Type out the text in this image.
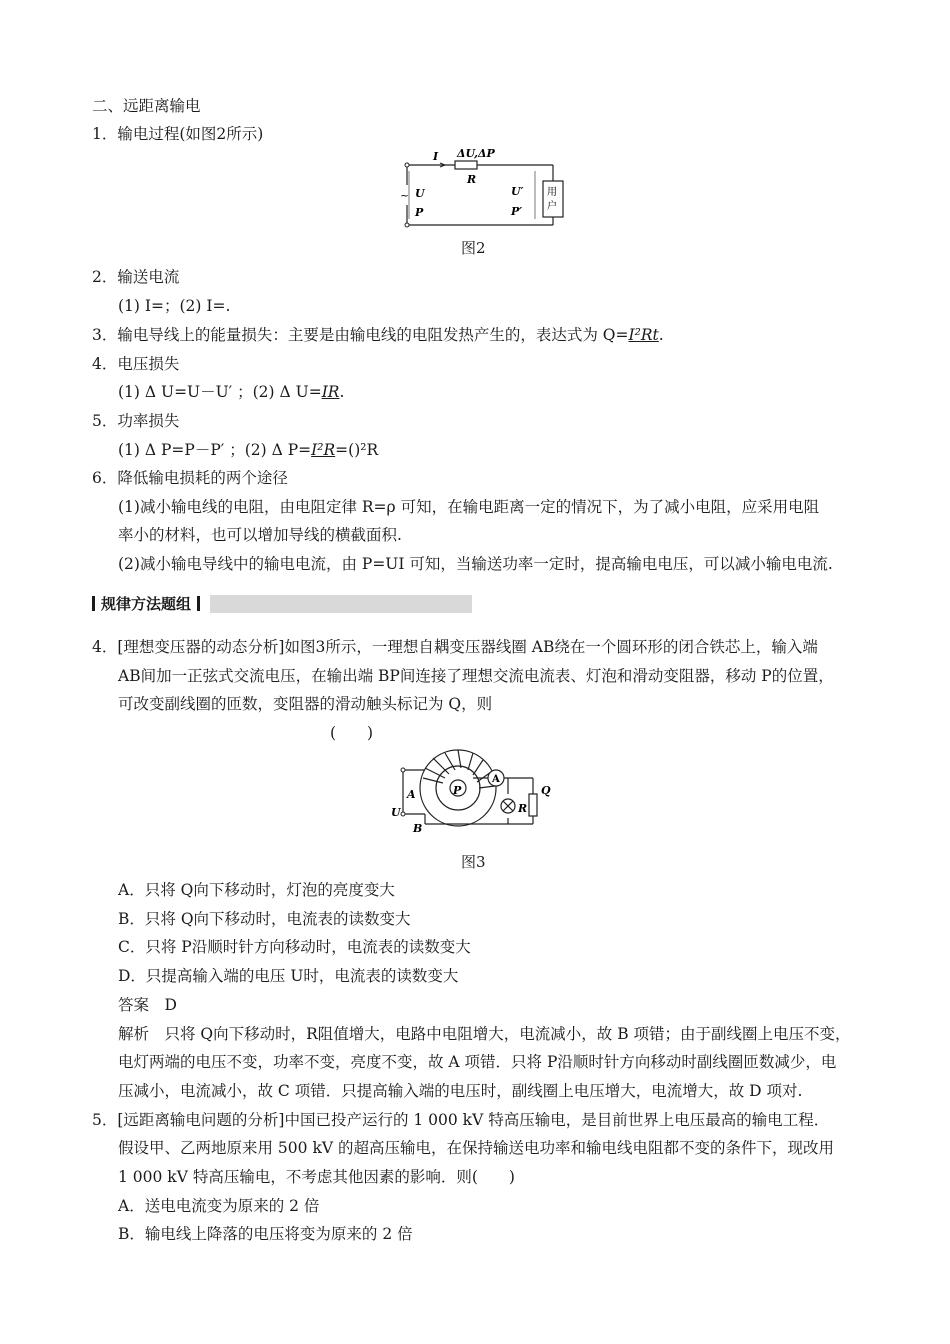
二、远距离输电
1．输电过程(如图2所示)
I ΔU,ΔP
R
~ U
P
U′
P′
用
户
图2
2．输送电流
(1) I=；(2) I=.
3．输电导线上的能量损失：主要是由输电线的电阻发热产生的，表达式为 Q=I²Rt.
4．电压损失
(1) Δ U=U－U′ ；(2) Δ U=IR.
5．功率损失
(1) Δ P=P－P′ ；(2) Δ P=I²R=()²R
6．降低输电损耗的两个途径
(1)减小输电线的电阻，由电阻定律 R=ρ 可知，在输电距离一定的情况下，为了减小电阻，应采用电阻
率小的材料，也可以增加导线的横截面积.
(2)减小输电导线中的输电电流，由 P=UI 可知，当输送功率一定时，提高输电电压，可以减小输电电流.
规律方法题组
4．[理想变压器的动态分析]如图3所示，一理想自耦变压器线圈 AB绕在一个圆环形的闭合铁芯上，输入端
AB间加一正弦式交流电压，在输出端 BP间连接了理想交流电流表、灯泡和滑动变阻器，移动 P的位置，
可改变副线圈的匝数，变阻器的滑动触头标记为 Q，则
(　　)
P
A
A
B
U
Q
R
图3
A．只将 Q向下移动时，灯泡的亮度变大
B．只将 Q向下移动时，电流表的读数变大
C．只将 P沿顺时针方向移动时，电流表的读数变大
D．只提高输入端的电压 U时，电流表的读数变大
答案　D
解析　只将 Q向下移动时，R阻值增大，电路中电阻增大，电流减小，故 B 项错；由于副线圈上电压不变，
电灯两端的电压不变，功率不变，亮度不变，故 A 项错．只将 P沿顺时针方向移动时副线圈匝数减少，电
压减小，电流减小，故 C 项错．只提高输入端的电压时，副线圈上电压增大，电流增大，故 D 项对.
5．[远距离输电问题的分析]中国已投产运行的 1 000 kV 特高压输电，是目前世界上电压最高的输电工程．
假设甲、乙两地原来用 500 kV 的超高压输电，在保持输送电功率和输电线电阻都不变的条件下，现改用
1 000 kV 特高压输电，不考虑其他因素的影响．则(　　)
A．送电电流变为原来的 2 倍
B．输电线上降落的电压将变为原来的 2 倍
